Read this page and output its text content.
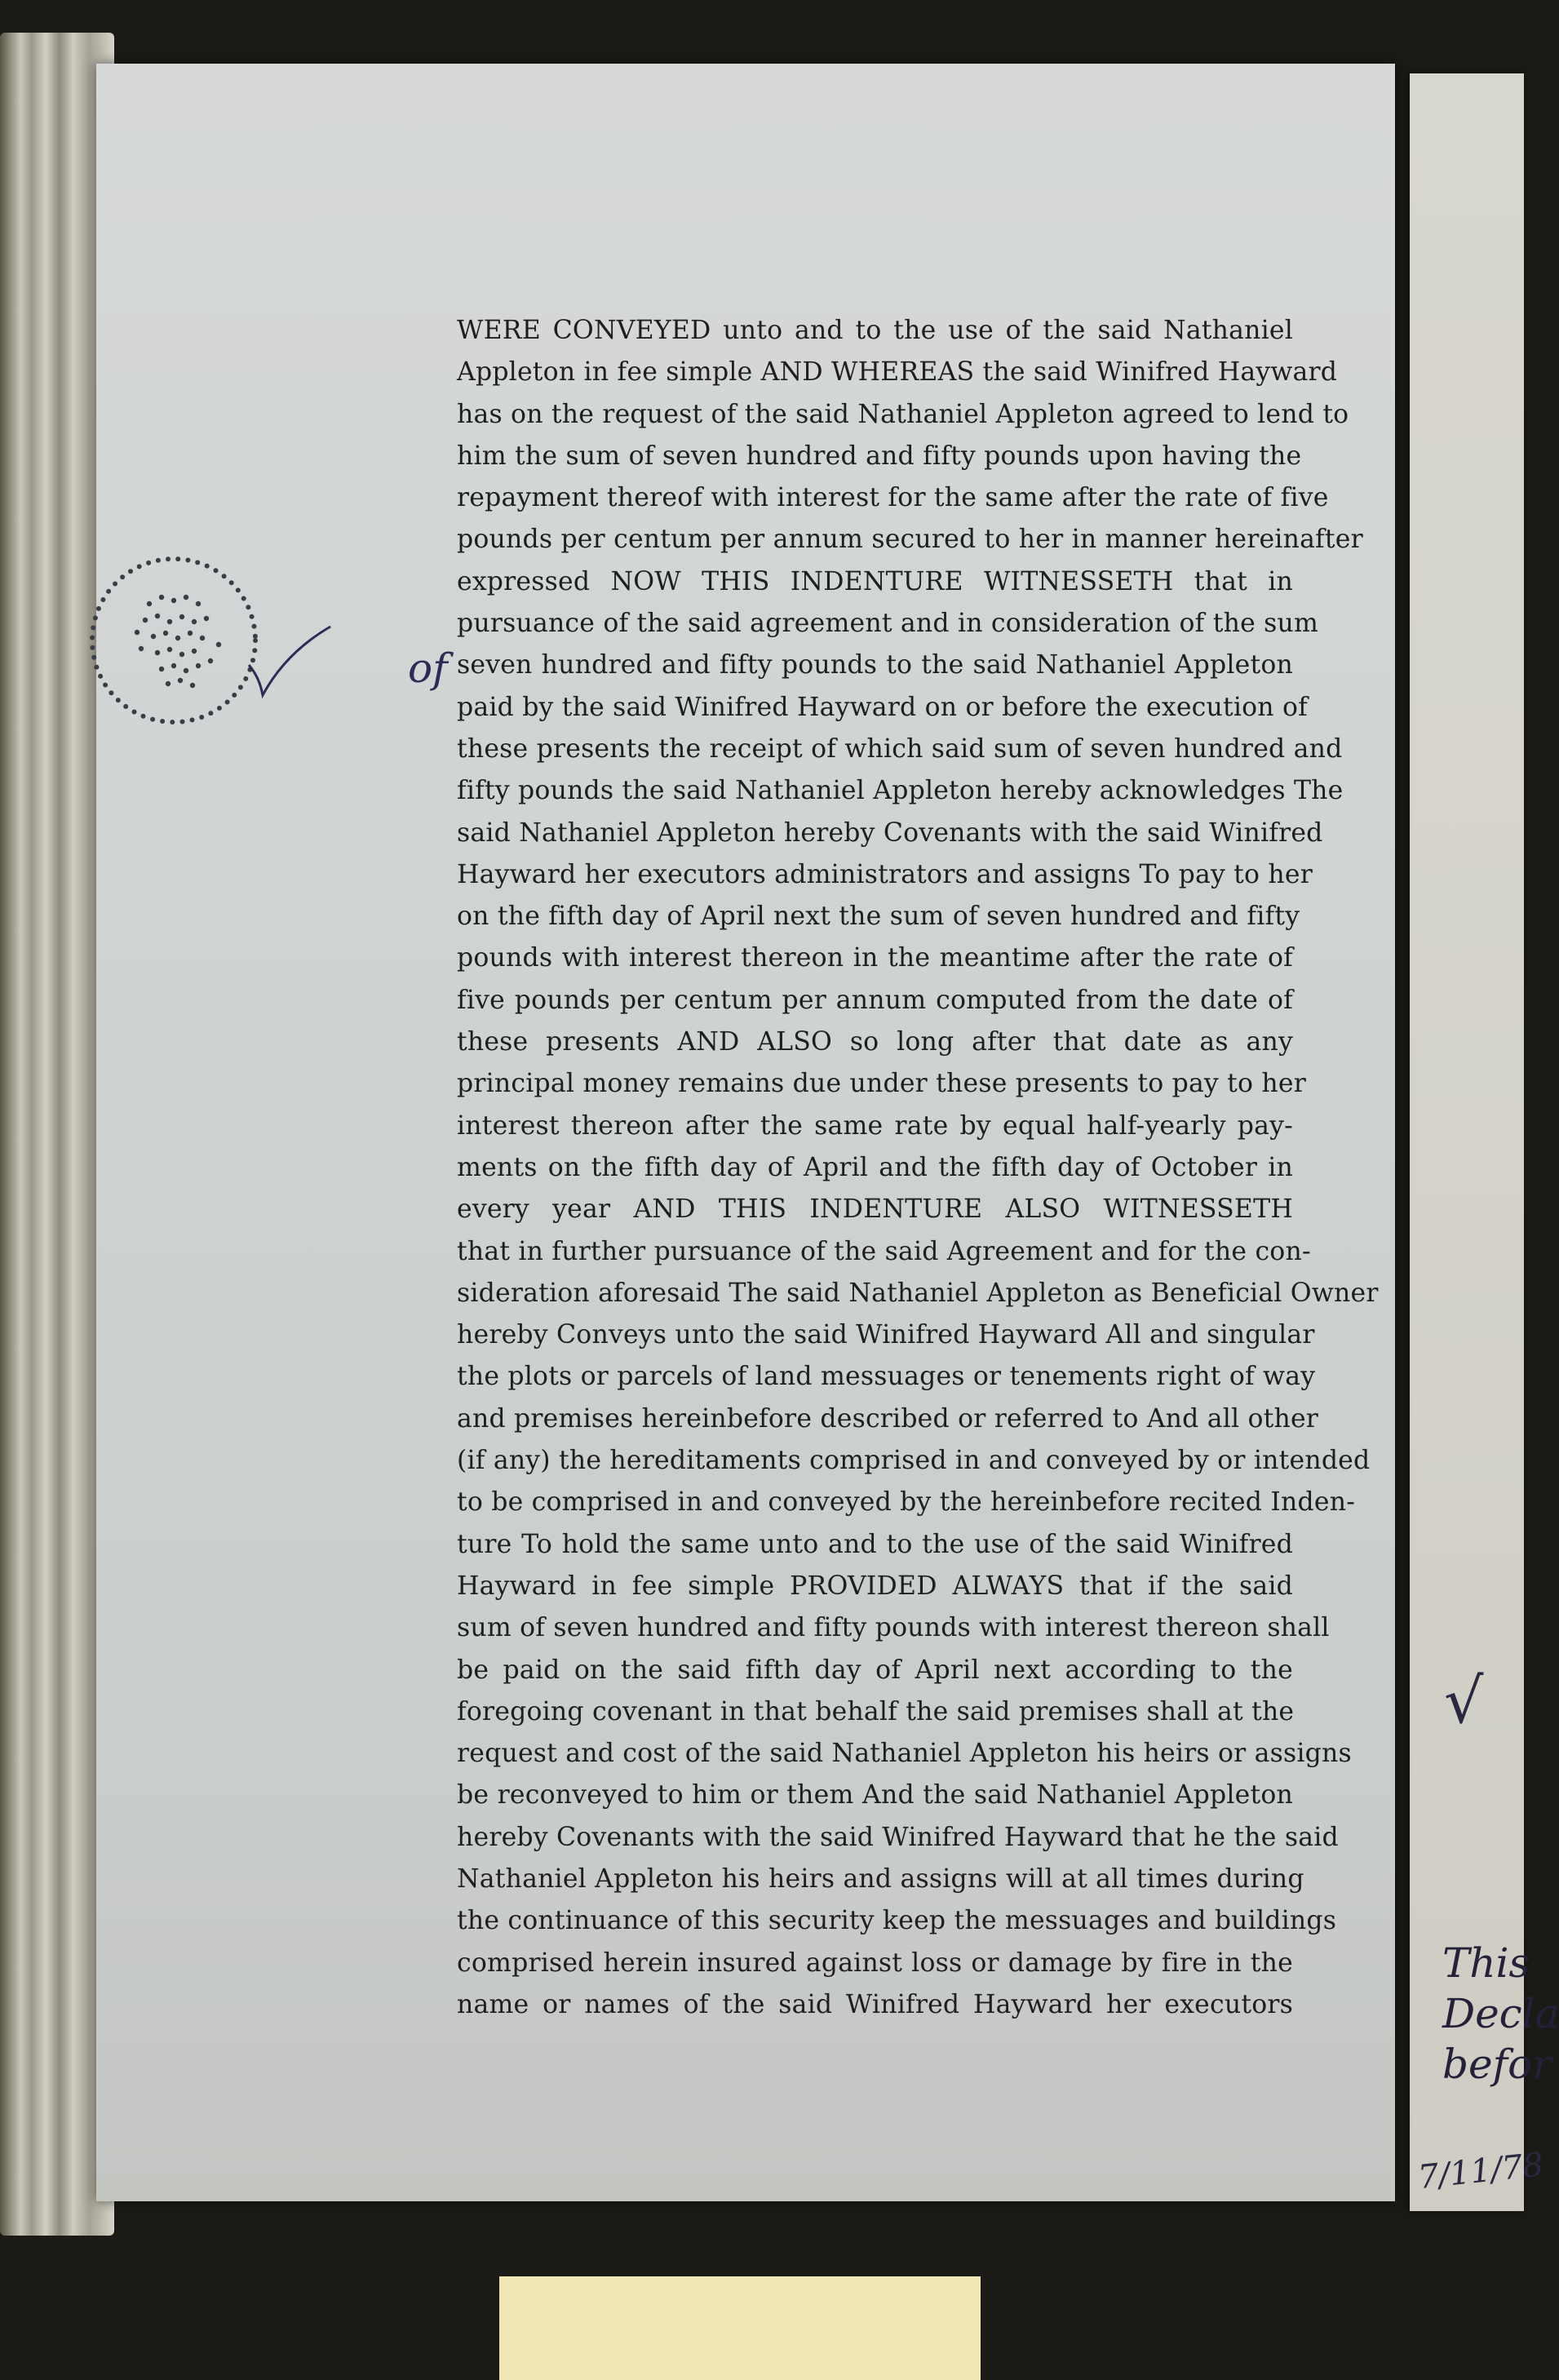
of
WERE CONVEYED unto and to the use of the said Nathaniel
Appleton in fee simple AND WHEREAS the said Winifred Hayward
has on the request of the said Nathaniel Appleton agreed to lend to
him the sum of seven hundred and fifty pounds upon having the
repayment thereof with interest for the same after the rate of five
pounds per centum per annum secured to her in manner hereinafter
expressed NOW THIS INDENTURE WITNESSETH that in
pursuance of the said agreement and in consideration of the sum
seven hundred and fifty pounds to the said Nathaniel Appleton
paid by the said Winifred Hayward on or before the execution of
these presents the receipt of which said sum of seven hundred and
fifty pounds the said Nathaniel Appleton hereby acknowledges The
said Nathaniel Appleton hereby Covenants with the said Winifred
Hayward her executors administrators and assigns To pay to her
on the fifth day of April next the sum of seven hundred and fifty
pounds with interest thereon in the meantime after the rate of
five pounds per centum per annum computed from the date of
these presents AND ALSO so long after that date as any
principal money remains due under these presents to pay to her
interest thereon after the same rate by equal half-yearly pay-
ments on the fifth day of April and the fifth day of October in
every year AND THIS INDENTURE ALSO WITNESSETH
that in further pursuance of the said Agreement and for the con-
sideration aforesaid The said Nathaniel Appleton as Beneficial Owner
hereby Conveys unto the said Winifred Hayward All and singular
the plots or parcels of land messuages or tenements right of way
and premises hereinbefore described or referred to And all other
(if any) the hereditaments comprised in and conveyed by or intended
to be comprised in and conveyed by the hereinbefore recited Inden-
ture To hold the same unto and to the use of the said Winifred
Hayward in fee simple PROVIDED ALWAYS that if the said
sum of seven hundred and fifty pounds with interest thereon shall
be paid on the said fifth day of April next according to the
foregoing covenant in that behalf the said premises shall at the
request and cost of the said Nathaniel Appleton his heirs or assigns
be reconveyed to him or them And the said Nathaniel Appleton
hereby Covenants with the said Winifred Hayward that he the said
Nathaniel Appleton his heirs and assigns will at all times during
the continuance of this security keep the messuages and buildings
comprised herein insured against loss or damage by fire in the
name or names of the said Winifred Hayward her executors
√
This
Decla
befor
7/11/78
